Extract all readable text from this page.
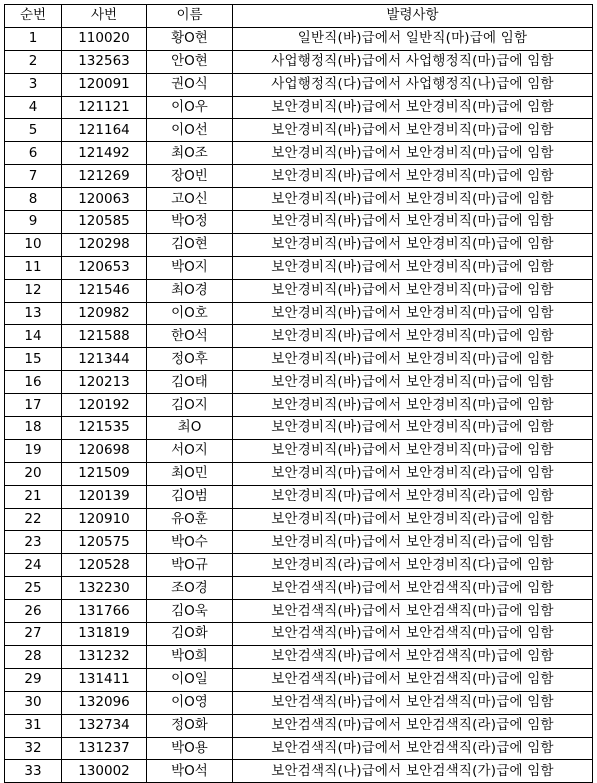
순번	사번	이름	발령사항
1	110020	황O현	일반직(바)급에서 일반직(마)급에 임함
2	132563	안O현	사업행정직(바)급에서 사업행정직(마)급에 임함
3	120091	권O식	사업행정직(다)급에서 사업행정직(나)급에 임함
4	121121	이O우	보안경비직(바)급에서 보안경비직(마)급에 임함
5	121164	이O선	보안경비직(바)급에서 보안경비직(마)급에 임함
6	121492	최O조	보안경비직(바)급에서 보안경비직(마)급에 임함
7	121269	장O빈	보안경비직(바)급에서 보안경비직(마)급에 임함
8	120063	고O신	보안경비직(바)급에서 보안경비직(마)급에 임함
9	120585	박O정	보안경비직(바)급에서 보안경비직(마)급에 임함
10	120298	김O현	보안경비직(바)급에서 보안경비직(마)급에 임함
11	120653	박O지	보안경비직(바)급에서 보안경비직(마)급에 임함
12	121546	최O경	보안경비직(바)급에서 보안경비직(마)급에 임함
13	120982	이O호	보안경비직(바)급에서 보안경비직(마)급에 임함
14	121588	한O석	보안경비직(바)급에서 보안경비직(마)급에 임함
15	121344	정O후	보안경비직(바)급에서 보안경비직(마)급에 임함
16	120213	김O태	보안경비직(바)급에서 보안경비직(마)급에 임함
17	120192	김O지	보안경비직(바)급에서 보안경비직(마)급에 임함
18	121535	최O	보안경비직(바)급에서 보안경비직(마)급에 임함
19	120698	서O지	보안경비직(바)급에서 보안경비직(마)급에 임함
20	121509	최O민	보안경비직(마)급에서 보안경비직(라)급에 임함
21	120139	김O범	보안경비직(마)급에서 보안경비직(라)급에 임함
22	120910	유O훈	보안경비직(마)급에서 보안경비직(라)급에 임함
23	120575	박O수	보안경비직(마)급에서 보안경비직(라)급에 임함
24	120528	박O규	보안경비직(라)급에서 보안경비직(다)급에 임함
25	132230	조O경	보안검색직(바)급에서 보안검색직(마)급에 임함
26	131766	김O욱	보안검색직(바)급에서 보안검색직(마)급에 임함
27	131819	김O화	보안검색직(바)급에서 보안검색직(마)급에 임함
28	131232	박O희	보안검색직(바)급에서 보안검색직(마)급에 임함
29	131411	이O일	보안검색직(바)급에서 보안검색직(마)급에 임함
30	132096	이O영	보안검색직(바)급에서 보안검색직(마)급에 임함
31	132734	정O화	보안검색직(마)급에서 보안검색직(라)급에 임함
32	131237	박O용	보안검색직(마)급에서 보안검색직(라)급에 임함
33	130002	박O석	보안검색직(나)급에서 보안검색직(가)급에 임함
